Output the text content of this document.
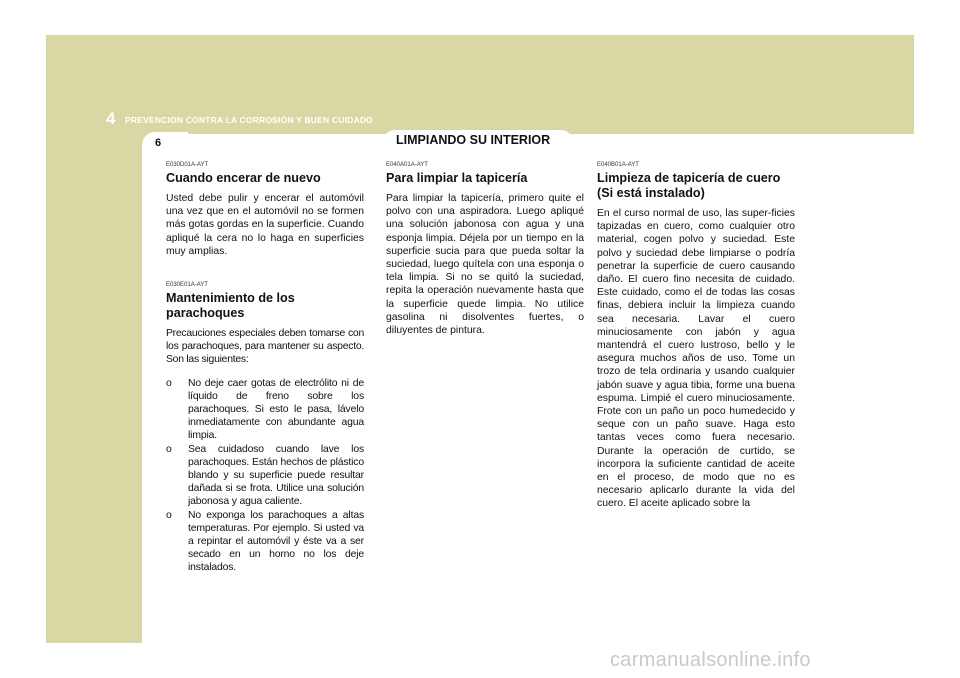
4 PREVENCION CONTRA LA CORROSIÓN Y BUEN CUIDADO
6	LIMPIANDO SU INTERIOR

E030D01A-AYT

Cuando encerar de nuevo

Usted debe pulir y encerar el automóvil una vez que en el automóvil no se formen más gotas gordas en la superficie. Cuando apliqué la cera no lo haga en superficies muy amplias.

E030E01A-AYT

Mantenimiento de los parachoques

Precauciones especiales deben tomarse con los parachoques, para mantener su aspecto. Son las siguientes:

o No deje caer gotas de electrólito ni de líquido de freno sobre los parachoques. Si esto le pasa, lávelo inmediatamente con abundante agua limpia.
o Sea cuidadoso cuando lave los parachoques. Están hechos de plástico blando y su superficie puede resultar dañada si se frota. Utilice una solución jabonosa y agua caliente.
o No exponga los parachoques a altas temperaturas. Por ejemplo. Si usted va a repintar el automóvil y éste va a ser secado en un horno no los deje instalados.

E040A01A-AYT

Para limpiar la tapicería

Para limpiar la tapicería, primero quite el polvo con una aspiradora. Luego apliqué una solución jabonosa con agua y una esponja limpia. Déjela por un tiempo en la superficie sucia para que pueda soltar la suciedad, luego quítela con una esponja o tela limpia. Si no se quitó la suciedad, repita la operación nuevamente hasta que la superficie quede limpia. No utilice gasolina ni disolventes fuertes, o diluyentes de pintura.

E040B01A-AYT

Limpieza de tapicería de cuero (Si está instalado)

En el curso normal de uso, las super-ficies tapizadas en cuero, como cualquier otro material, cogen polvo y suciedad. Este polvo y suciedad debe limpiarse o podría penetrar la superficie de cuero causando daño. El cuero fino necesita de cuidado. Este cuidado, como el de todas las cosas finas, debiera incluir la limpieza cuando sea necesaria. Lavar el cuero minuciosamente con jabón y agua mantendrá el cuero lustroso, bello y le asegura muchos años de uso. Tome un trozo de tela ordinaria y usando cualquier jabón suave y agua tibia, forme una buena espuma. Limpié el cuero minuciosamente. Frote con un paño un poco humedecido y seque con un paño suave. Haga esto tantas veces como fuera necesario. Durante la operación de curtido, se incorpora la suficiente cantidad de aceite en el proceso, de modo que no es necesario aplicarlo durante la vida del cuero. El aceite aplicado sobre la

carmanualsonline.info
